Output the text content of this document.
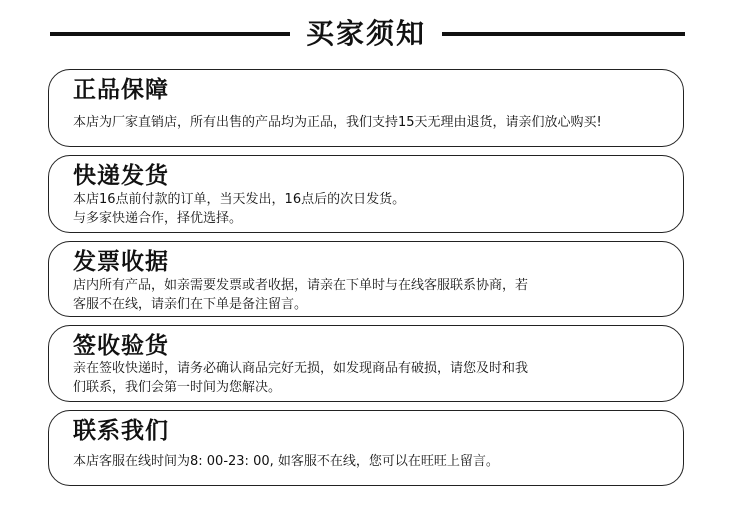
买家须知
正品保障
本店为厂家直销店，所有出售的产品均为正品，我们支持15天无理由退货，请亲们放心购买!
快递发货
本店16点前付款的订单，当天发出，16点后的次日发货。
与多家快递合作，择优选择。
发票收据
店内所有产品，如亲需要发票或者收据，请亲在下单时与在线客服联系协商，若
客服不在线，请亲们在下单是备注留言。
签收验货
亲在签收快递时，请务必确认商品完好无损，如发现商品有破损，请您及时和我
们联系，我们会第一时间为您解决。
联系我们
本店客服在线时间为8: 00-23: 00, 如客服不在线，您可以在旺旺上留言。
